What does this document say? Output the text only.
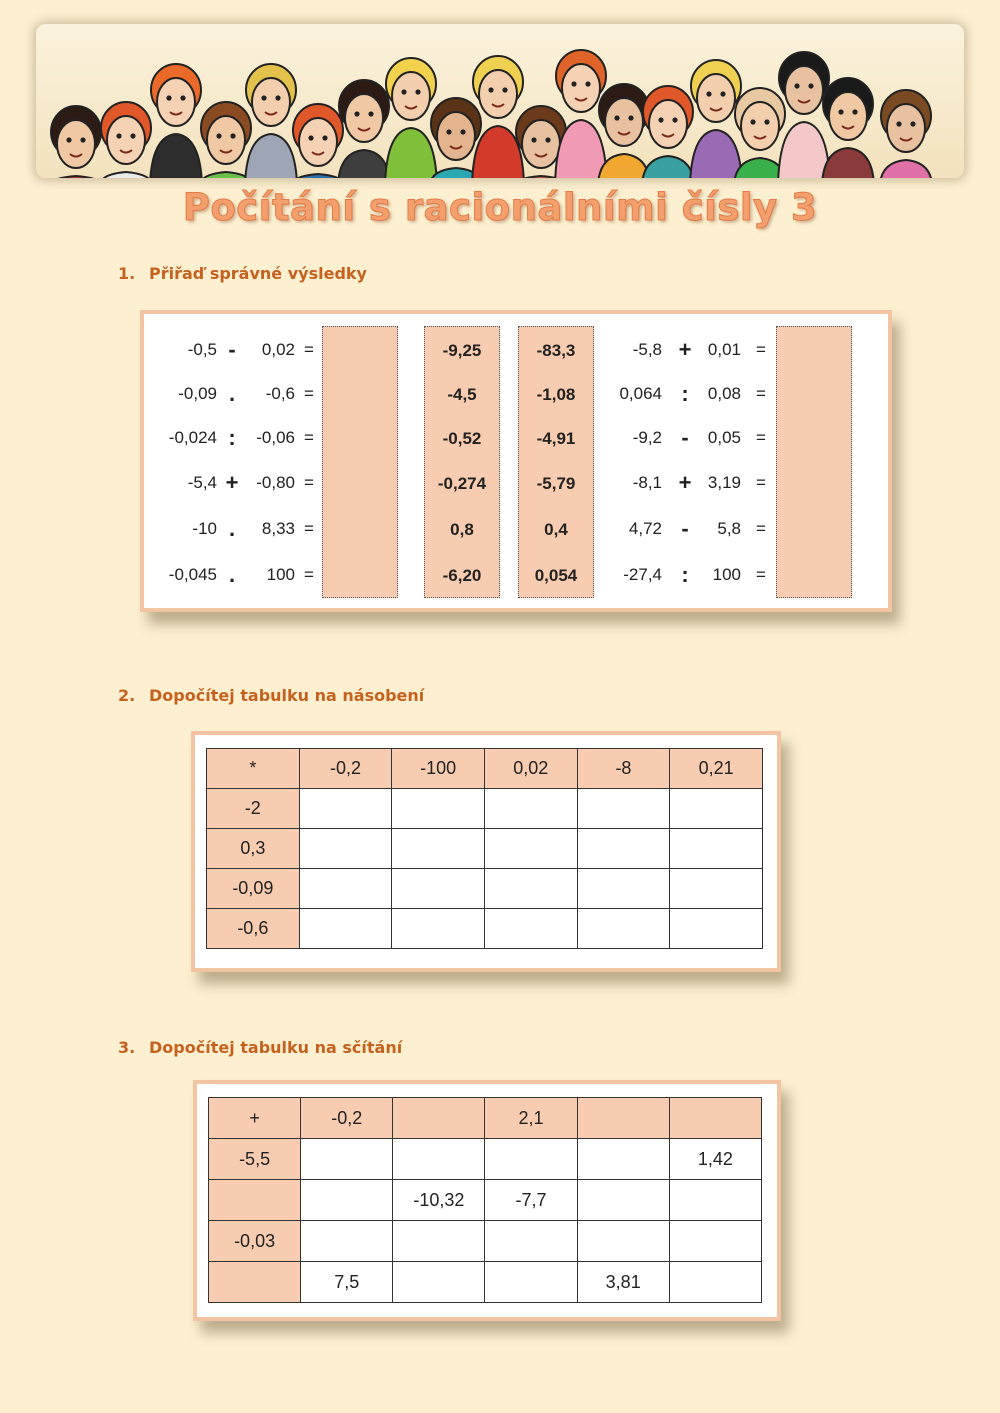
Počítání s racionálními čísly 3
1. Přiřaď správné výsledky
-0,5 -	0,02 =
-0,09 .	-0,6 =
-0,024 :	-0,06 =
-5,4 + -0,80 =
-10 .	8,33 =
-0,045 .	100 =
-5,8 + 0,01 =
0,064 :	0,08 =
-9,2 -	0,05 =
-8,1 + 3,19 =
4,72 -	5,8 =
-27,4 :	100 =
-9,25
-4,5
-0,52
-0,274
0,8
-6,20
-83,3
-1,08
-4,91
-5,79
0,4
0,054
2. Dopočítej tabulku na násobení
*	-0,2	-100	0,02	-8	0,21
-2					
0,3					
-0,09					
-0,6					
3. Dopočítej tabulku na sčítání
+	-0,2		2,1		
-5,5					1,42
		-10,32	-7,7		
-0,03					
	7,5			3,81	
